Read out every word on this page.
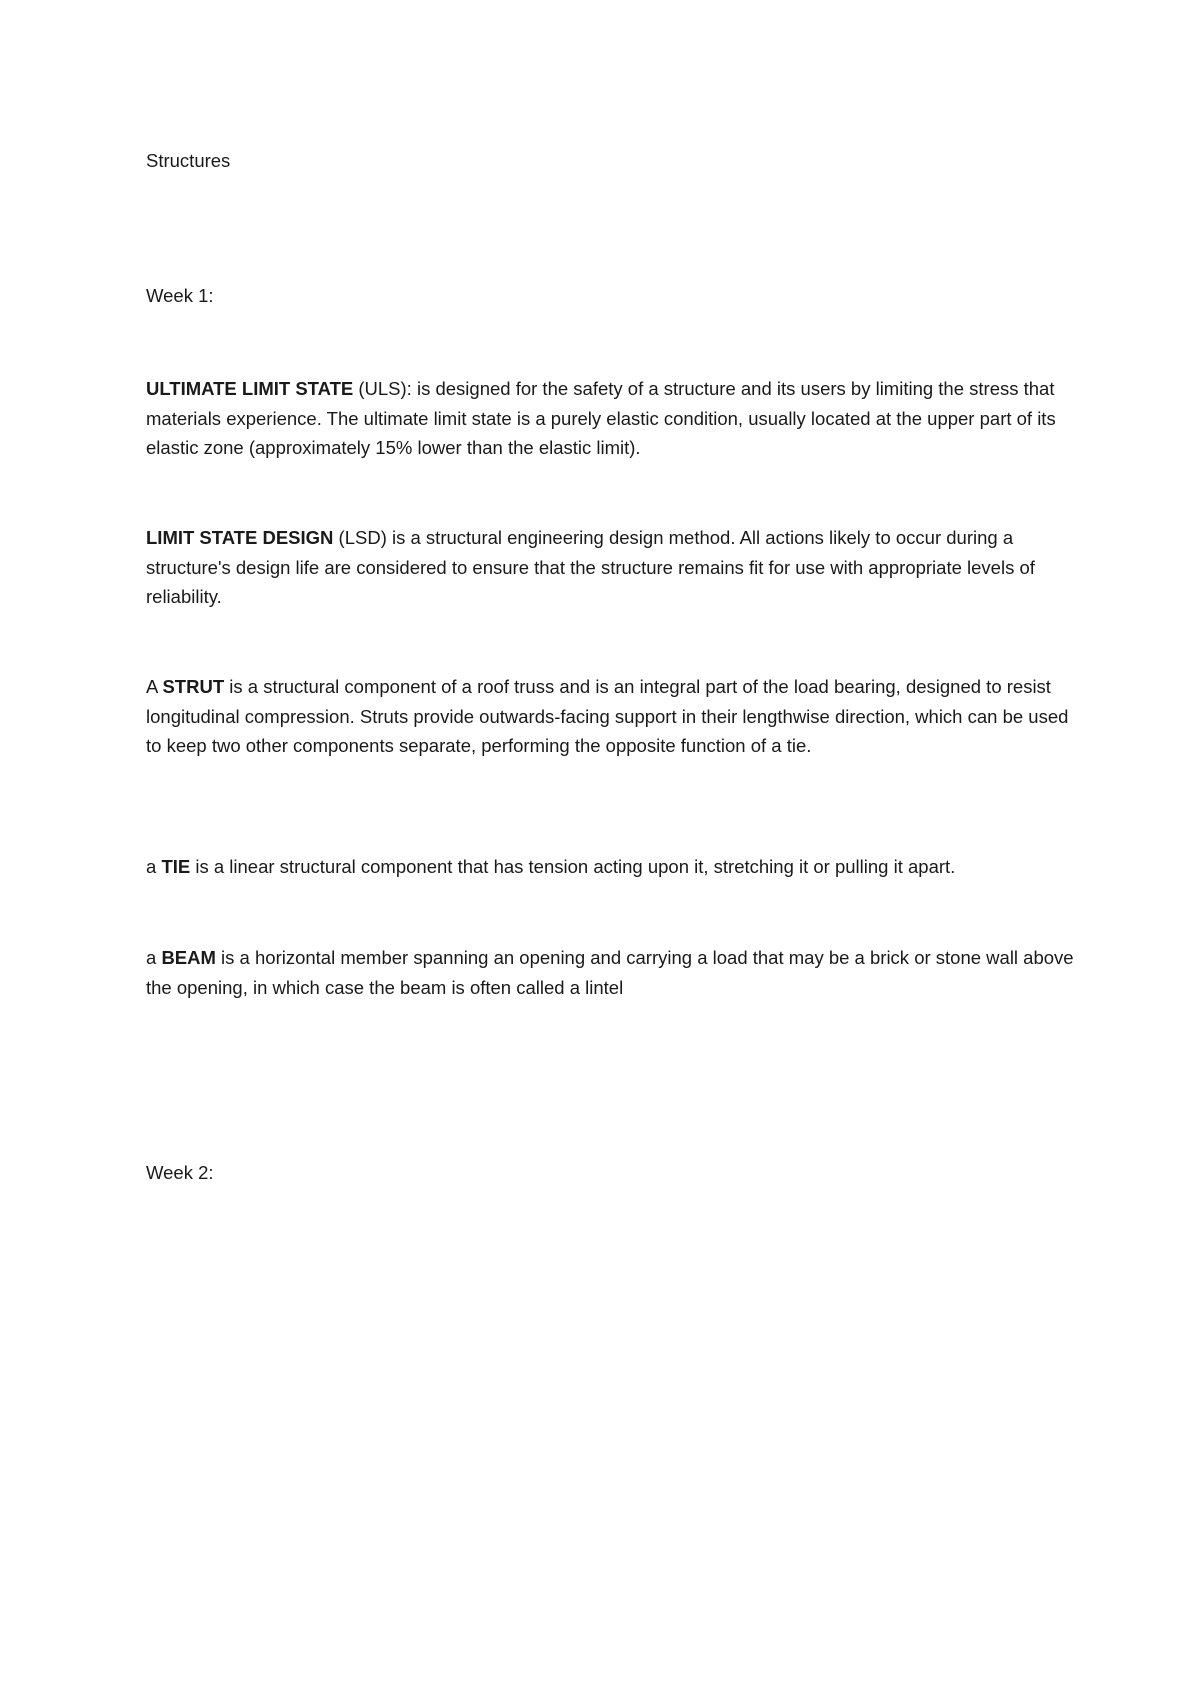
Structures

Week 1:

ULTIMATE LIMIT STATE (ULS): is designed for the safety of a structure and its users by limiting the stress that materials experience. The ultimate limit state is a purely elastic condition, usually located at the upper part of its elastic zone (approximately 15% lower than the elastic limit).

LIMIT STATE DESIGN (LSD) is a structural engineering design method. All actions likely to occur during a structure's design life are considered to ensure that the structure remains fit for use with appropriate levels of reliability.

A STRUT is a structural component of a roof truss and is an integral part of the load bearing, designed to resist longitudinal compression. Struts provide outwards-facing support in their lengthwise direction, which can be used to keep two other components separate, performing the opposite function of a tie.

a TIE is a linear structural component that has tension acting upon it, stretching it or pulling it apart.

a BEAM is a horizontal member spanning an opening and carrying a load that may be a brick or stone wall above the opening, in which case the beam is often called a lintel

Week 2:
